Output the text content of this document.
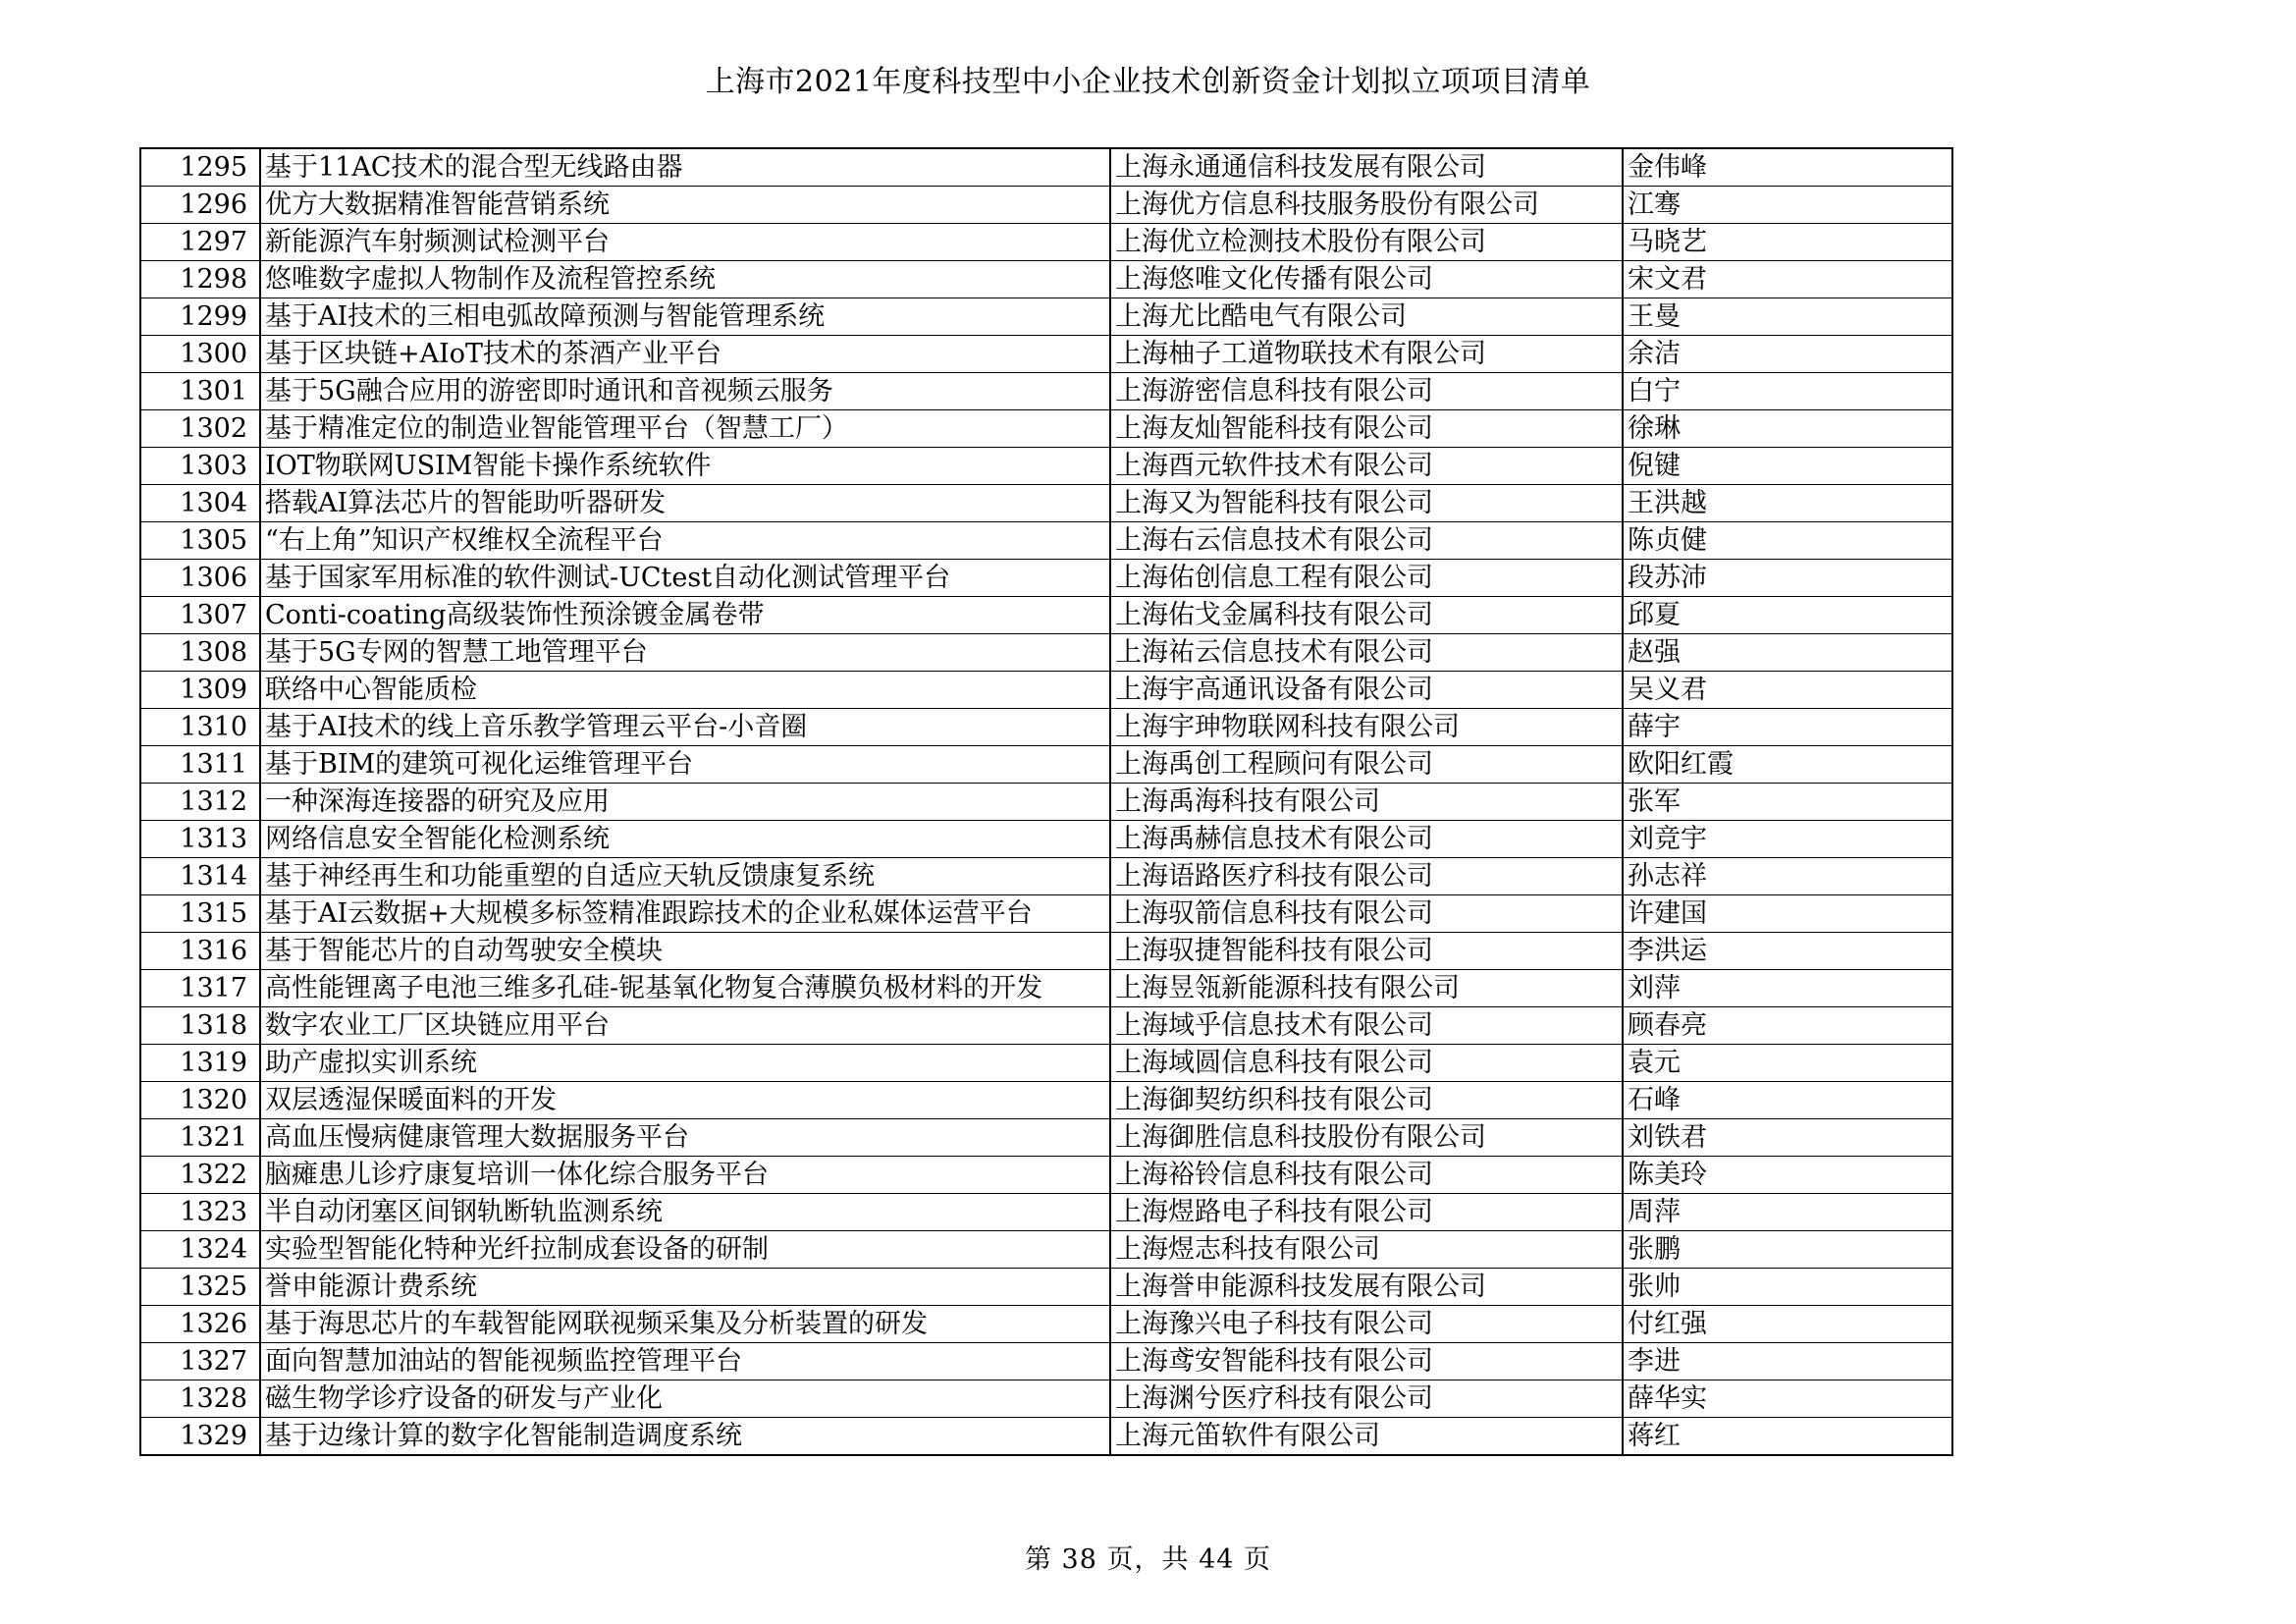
上海市2021年度科技型中小企业技术创新资金计划拟立项项目清单
1295	基于11AC技术的混合型无线路由器	上海永通通信科技发展有限公司	金伟峰
1296	优方大数据精准智能营销系统	上海优方信息科技服务股份有限公司	江骞
1297	新能源汽车射频测试检测平台	上海优立检测技术股份有限公司	马晓艺
1298	悠唯数字虚拟人物制作及流程管控系统	上海悠唯文化传播有限公司	宋文君
1299	基于AI技术的三相电弧故障预测与智能管理系统	上海尤比酷电气有限公司	王曼
1300	基于区块链+AIoT技术的茶酒产业平台	上海柚子工道物联技术有限公司	余洁
1301	基于5G融合应用的游密即时通讯和音视频云服务	上海游密信息科技有限公司	白宁
1302	基于精准定位的制造业智能管理平台（智慧工厂）	上海友灿智能科技有限公司	徐琳
1303	IOT物联网USIM智能卡操作系统软件	上海酉元软件技术有限公司	倪键
1304	搭载AI算法芯片的智能助听器研发	上海又为智能科技有限公司	王洪越
1305	“右上角”知识产权维权全流程平台	上海右云信息技术有限公司	陈贞健
1306	基于国家军用标准的软件测试-UCtest自动化测试管理平台	上海佑创信息工程有限公司	段苏沛
1307	Conti-coating高级装饰性预涂镀金属卷带	上海佑戈金属科技有限公司	邱夏
1308	基于5G专网的智慧工地管理平台	上海祐云信息技术有限公司	赵强
1309	联络中心智能质检	上海宇高通讯设备有限公司	吴义君
1310	基于AI技术的线上音乐教学管理云平台-小音圈	上海宇珅物联网科技有限公司	薛宇
1311	基于BIM的建筑可视化运维管理平台	上海禹创工程顾问有限公司	欧阳红霞
1312	一种深海连接器的研究及应用	上海禹海科技有限公司	张军
1313	网络信息安全智能化检测系统	上海禹赫信息技术有限公司	刘竞宇
1314	基于神经再生和功能重塑的自适应天轨反馈康复系统	上海语路医疗科技有限公司	孙志祥
1315	基于AI云数据+大规模多标签精准跟踪技术的企业私媒体运营平台	上海驭箭信息科技有限公司	许建国
1316	基于智能芯片的自动驾驶安全模块	上海驭捷智能科技有限公司	李洪运
1317	高性能锂离子电池三维多孔硅-铌基氧化物复合薄膜负极材料的开发	上海昱瓴新能源科技有限公司	刘萍
1318	数字农业工厂区块链应用平台	上海域乎信息技术有限公司	顾春亮
1319	助产虚拟实训系统	上海域圆信息科技有限公司	袁元
1320	双层透湿保暖面料的开发	上海御契纺织科技有限公司	石峰
1321	高血压慢病健康管理大数据服务平台	上海御胜信息科技股份有限公司	刘铁君
1322	脑瘫患儿诊疗康复培训一体化综合服务平台	上海裕铃信息科技有限公司	陈美玲
1323	半自动闭塞区间钢轨断轨监测系统	上海煜路电子科技有限公司	周萍
1324	实验型智能化特种光纤拉制成套设备的研制	上海煜志科技有限公司	张鹏
1325	誉申能源计费系统	上海誉申能源科技发展有限公司	张帅
1326	基于海思芯片的车载智能网联视频采集及分析装置的研发	上海豫兴电子科技有限公司	付红强
1327	面向智慧加油站的智能视频监控管理平台	上海鸢安智能科技有限公司	李进
1328	磁生物学诊疗设备的研发与产业化	上海渊兮医疗科技有限公司	薛华实
1329	基于边缘计算的数字化智能制造调度系统	上海元笛软件有限公司	蒋红
第 38 页，共 44 页
